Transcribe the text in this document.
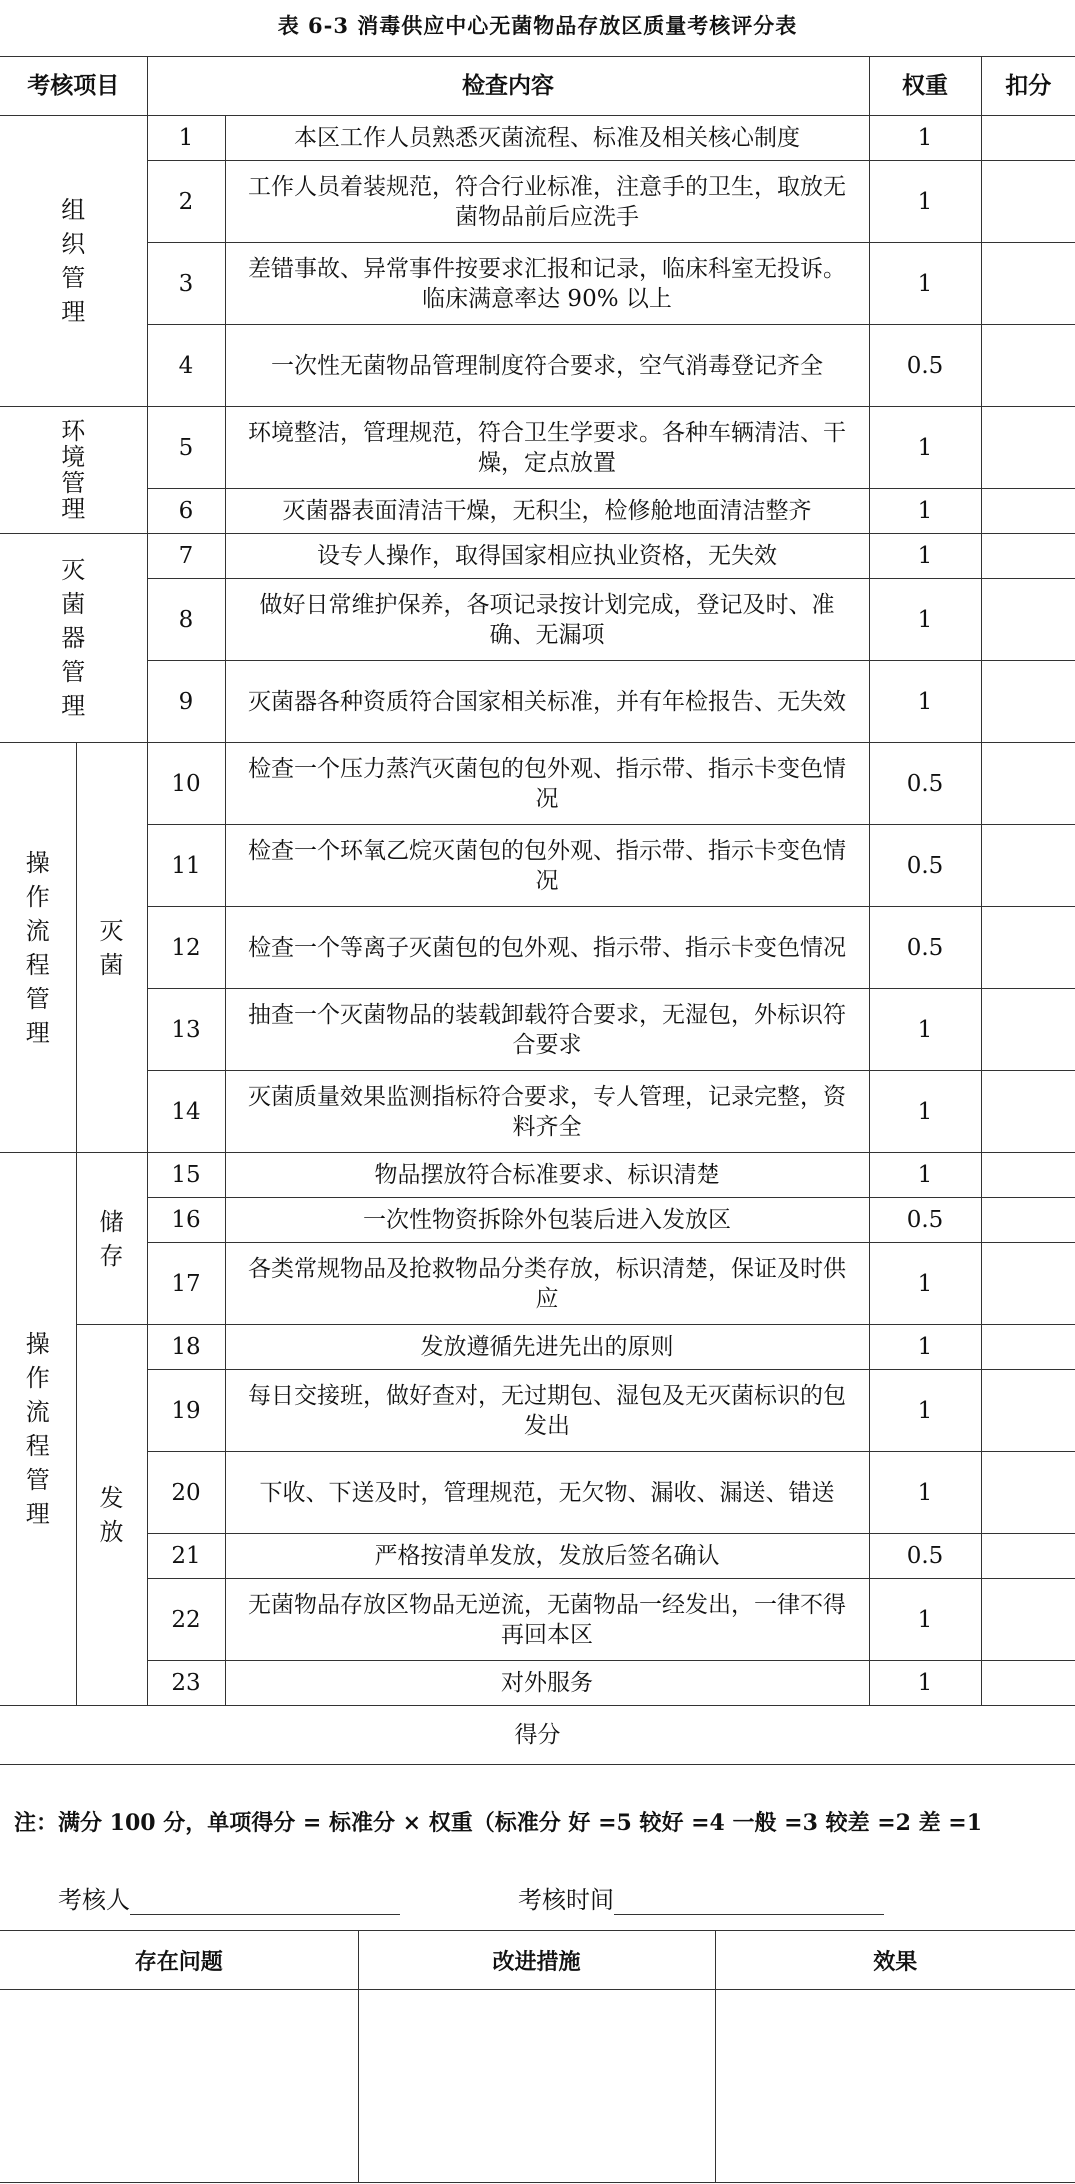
表 6-3 消毒供应中心无菌物品存放区质量考核评分表
考核项目		检查内容		权重	扣分

组织管理		1	本区工作人员熟悉灭菌流程、标准及相关核心制度	1	
		2	工作人员着装规范，符合行业标准，注意手的卫生，取放无菌物品前后应洗手	1	
		3	差错事故、异常事件按要求汇报和记录，临床科室无投诉。临床满意率达 90% 以上	1	
		4	一次性无菌物品管理制度符合要求，空气消毒登记齐全	0.5	

环境管理		5	环境整洁，管理规范，符合卫生学要求。各种车辆清洁、干燥，定点放置	1	
		6	灭菌器表面清洁干燥，无积尘，检修舱地面清洁整齐	1	

灭菌器管理		7	设专人操作，取得国家相应执业资格，无失效	1	
		8	做好日常维护保养，各项记录按计划完成，登记及时、准确、无漏项	1	
		9	灭菌器各种资质符合国家相关标准，并有年检报告、无失效	1	

操作流程管理	灭菌	10	检查一个压力蒸汽灭菌包的包外观、指示带、指示卡变色情况	0.5	
		11	检查一个环氧乙烷灭菌包的包外观、指示带、指示卡变色情况	0.5	
		12	检查一个等离子灭菌包的包外观、指示带、指示卡变色情况	0.5	
		13	抽查一个灭菌物品的装载卸载符合要求，无湿包，外标识符合要求	1	
		14	灭菌质量效果监测指标符合要求，专人管理，记录完整，资料齐全	1	

操作流程管理	储存	15	物品摆放符合标准要求、标识清楚	1	
		16	一次性物资拆除外包装后进入发放区	0.5	
		17	各类常规物品及抢救物品分类存放，标识清楚，保证及时供应	1	

	发放	18	发放遵循先进先出的原则	1	
		19	每日交接班，做好查对，无过期包、湿包及无灭菌标识的包发出	1	
		20	下收、下送及时，管理规范，无欠物、漏收、漏送、错送	1	
		21	严格按清单发放，发放后签名确认	0.5	
		22	无菌物品存放区物品无逆流，无菌物品一经发出，一律不得再回本区	1	
		23	对外服务	1	
得分					
注：满分 100 分，单项得分 = 标准分 × 权重（标准分 好 =5 较好 =4 一般 =3 较差 =2 差 =1
考核人	考核时间
存在问题	改进措施	效果
